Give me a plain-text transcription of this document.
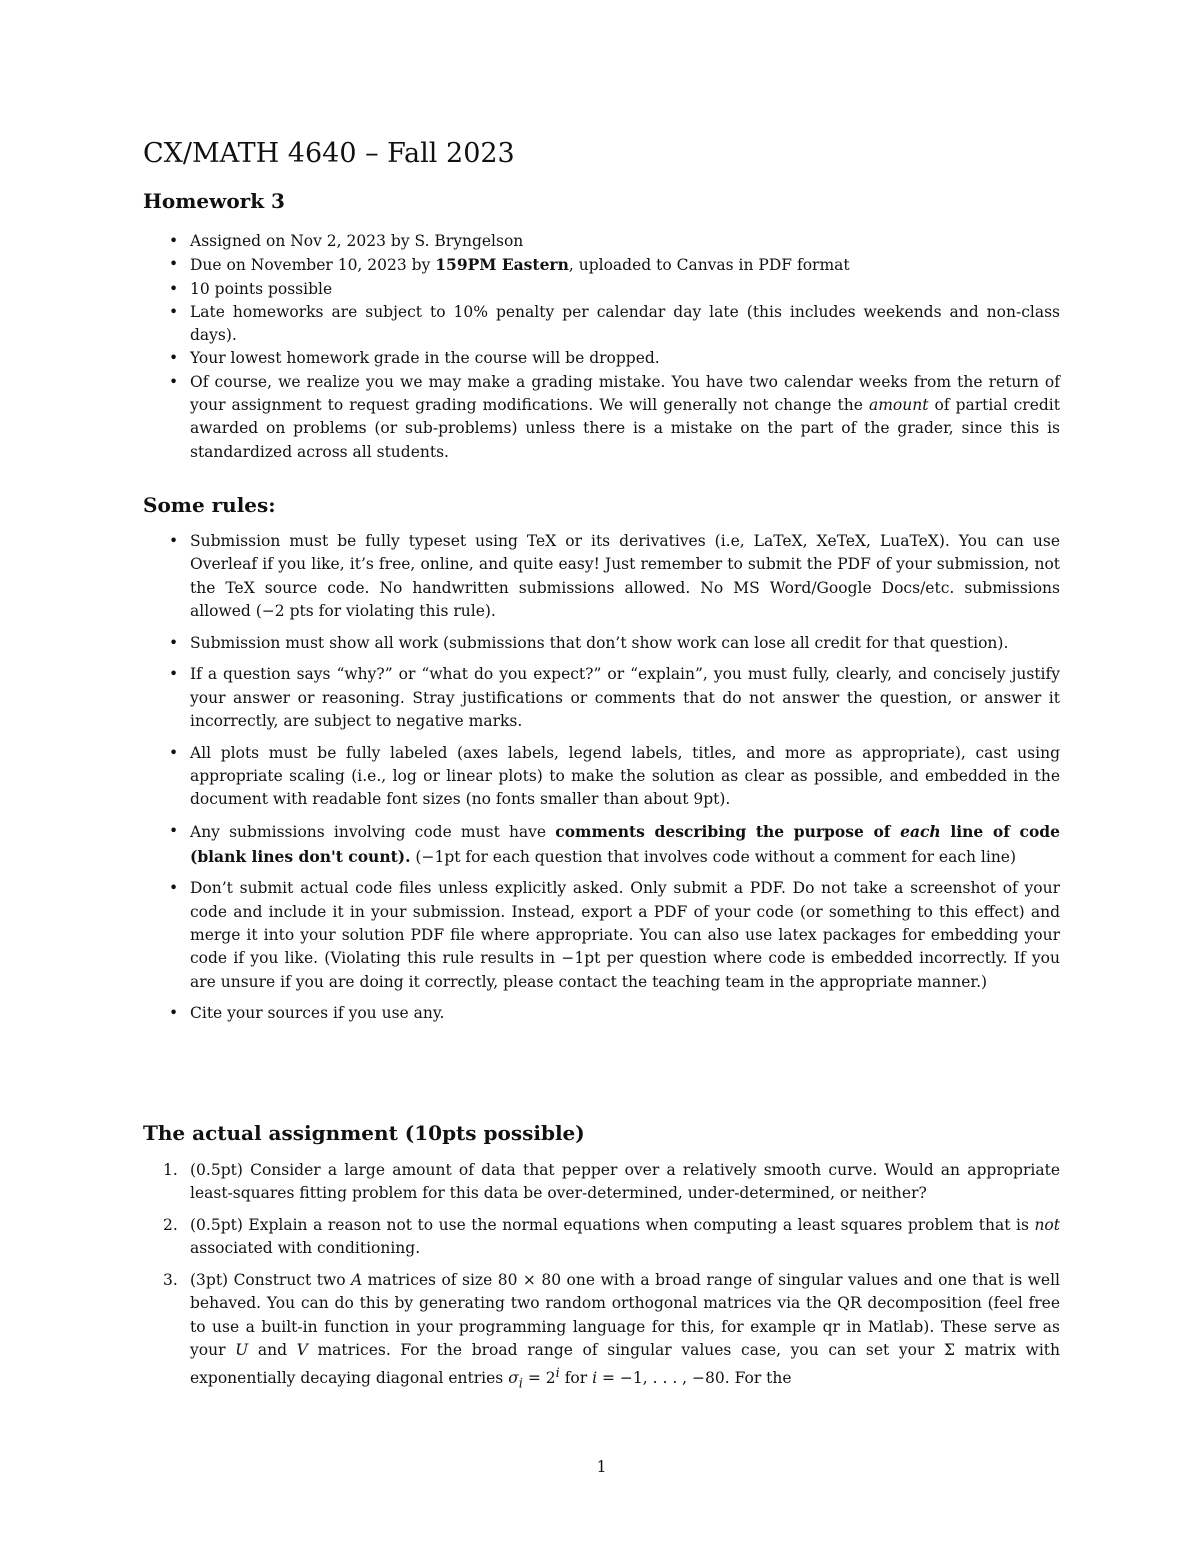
CX/MATH 4640 – Fall 2023
Homework 3
• Assigned on Nov 2, 2023 by S. Bryngelson
• Due on November 10, 2023 by 159PM Eastern, uploaded to Canvas in PDF format
• 10 points possible
• Late homeworks are subject to 10% penalty per calendar day late (this includes weekends and non-class days).
• Your lowest homework grade in the course will be dropped.
• Of course, we realize you we may make a grading mistake. You have two calendar weeks from the return of your assignment to request grading modifications. We will generally not change the amount of partial credit awarded on problems (or sub-problems) unless there is a mistake on the part of the grader, since this is standardized across all students.
Some rules:
• Submission must be fully typeset using TeX or its derivatives (i.e, LaTeX, XeTeX, LuaTeX). You can use Overleaf if you like, it’s free, online, and quite easy! Just remember to submit the PDF of your submission, not the TeX source code. No handwritten submissions allowed. No MS Word/Google Docs/etc. submissions allowed (−2 pts for violating this rule).
• Submission must show all work (submissions that don’t show work can lose all credit for that question).
• If a question says “why?” or “what do you expect?” or “explain”, you must fully, clearly, and concisely justify your answer or reasoning. Stray justifications or comments that do not answer the question, or answer it incorrectly, are subject to negative marks.
• All plots must be fully labeled (axes labels, legend labels, titles, and more as appropriate), cast using appropriate scaling (i.e., log or linear plots) to make the solution as clear as possible, and embedded in the document with readable font sizes (no fonts smaller than about 9pt).
• Any submissions involving code must have comments describing the purpose of each line of code (blank lines don't count). (−1pt for each question that involves code without a comment for each line)
• Don’t submit actual code files unless explicitly asked. Only submit a PDF. Do not take a screenshot of your code and include it in your submission. Instead, export a PDF of your code (or something to this effect) and merge it into your solution PDF file where appropriate. You can also use latex packages for embedding your code if you like. (Violating this rule results in −1pt per question where code is embedded incorrectly. If you are unsure if you are doing it correctly, please contact the teaching team in the appropriate manner.)
• Cite your sources if you use any.
The actual assignment (10pts possible)
1. (0.5pt) Consider a large amount of data that pepper over a relatively smooth curve. Would an appropriate least-squares fitting problem for this data be over-determined, under-determined, or neither?
2. (0.5pt) Explain a reason not to use the normal equations when computing a least squares problem that is not associated with conditioning.
3. (3pt) Construct two A matrices of size 80 × 80 one with a broad range of singular values and one that is well behaved. You can do this by generating two random orthogonal matrices via the QR decomposition (feel free to use a built-in function in your programming language for this, for example qr in Matlab). These serve as your U and V matrices. For the broad range of singular values case, you can set your Σ matrix with exponentially decaying diagonal entries $\sigma_i = 2^i$ for i = −1, . . . , −80. For the
1
